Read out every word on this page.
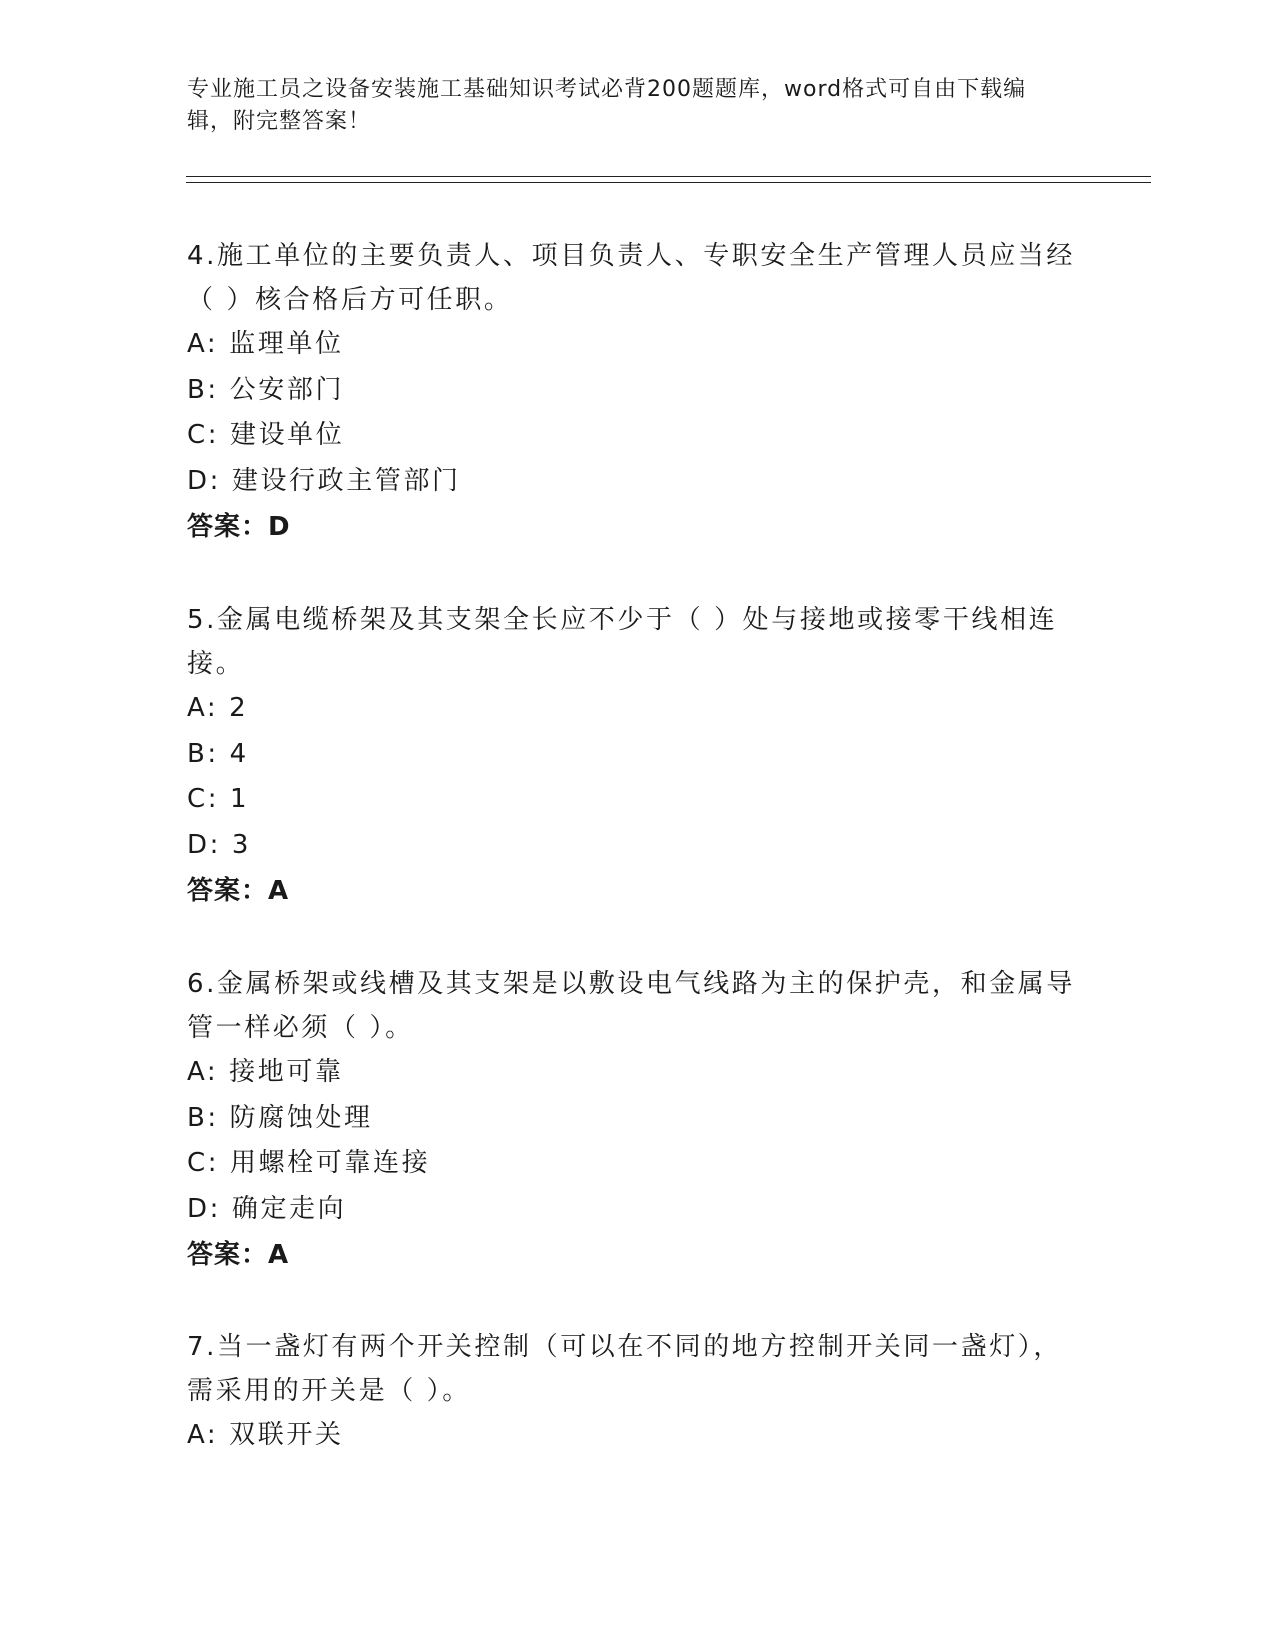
专业施工员之设备安装施工基础知识考试必背200题题库，word格式可自由下载编辑，附完整答案！

4.施工单位的主要负责人、项目负责人、专职安全生产管理人员应当经（ ）核合格后方可任职。

A: 监理单位

B: 公安部门

C: 建设单位

D: 建设行政主管部门

答案：D

5.金属电缆桥架及其支架全长应不少于（ ）处与接地或接零干线相连接。

A: 2

B: 4

C: 1

D: 3

答案：A

6.金属桥架或线槽及其支架是以敷设电气线路为主的保护壳，和金属导管一样必须（ ）。

A: 接地可靠

B: 防腐蚀处理

C: 用螺栓可靠连接

D: 确定走向

答案：A

7.当一盏灯有两个开关控制（可以在不同的地方控制开关同一盏灯），需采用的开关是（ ）。

A: 双联开关
